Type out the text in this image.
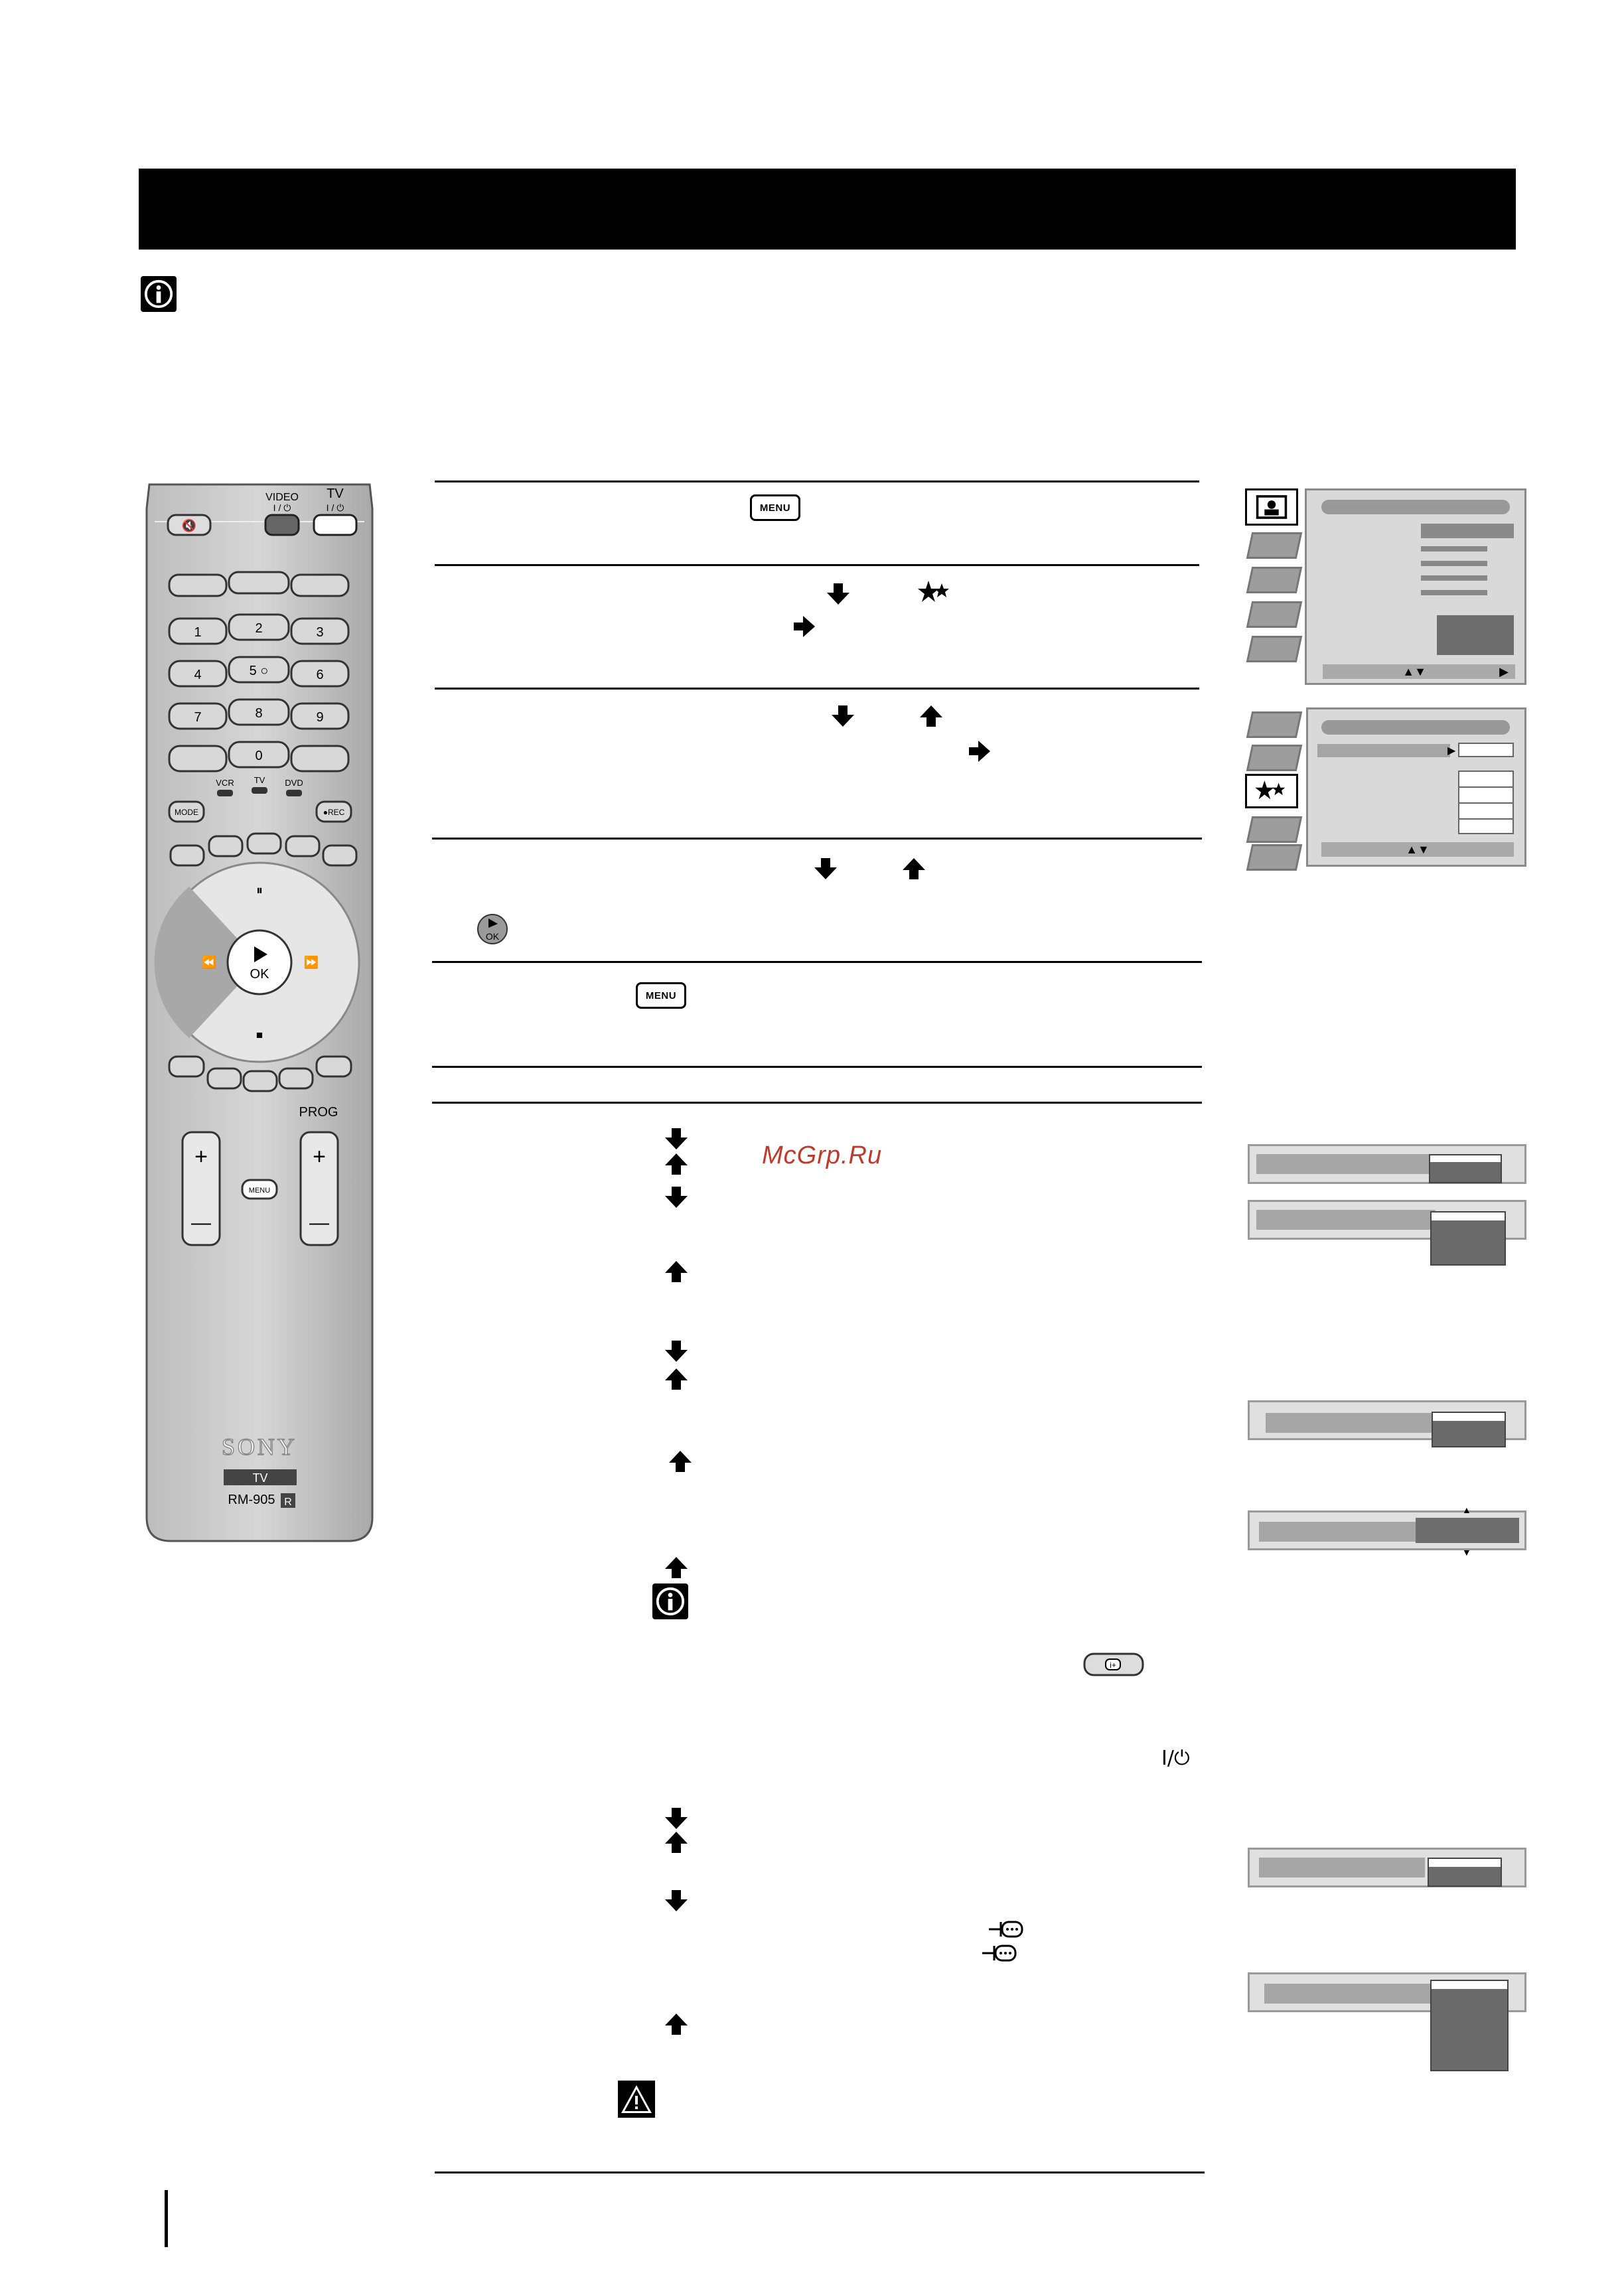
🔇
VIDEO
I / ⏻
TV
I / ⏻
1	2	3
4	5 ○	6
7	8	9
0
VCR TV DVD
MODE	●REC
OK
⏸
⏹
⏪	⏩
PROG
+
—
+
—
MENU
SONY
TV
RM-905 R
MENU
OK
MENU
McGrp.Ru
i+
I/⏻
▲▼	▶
▶
▲▼
▲
▼
